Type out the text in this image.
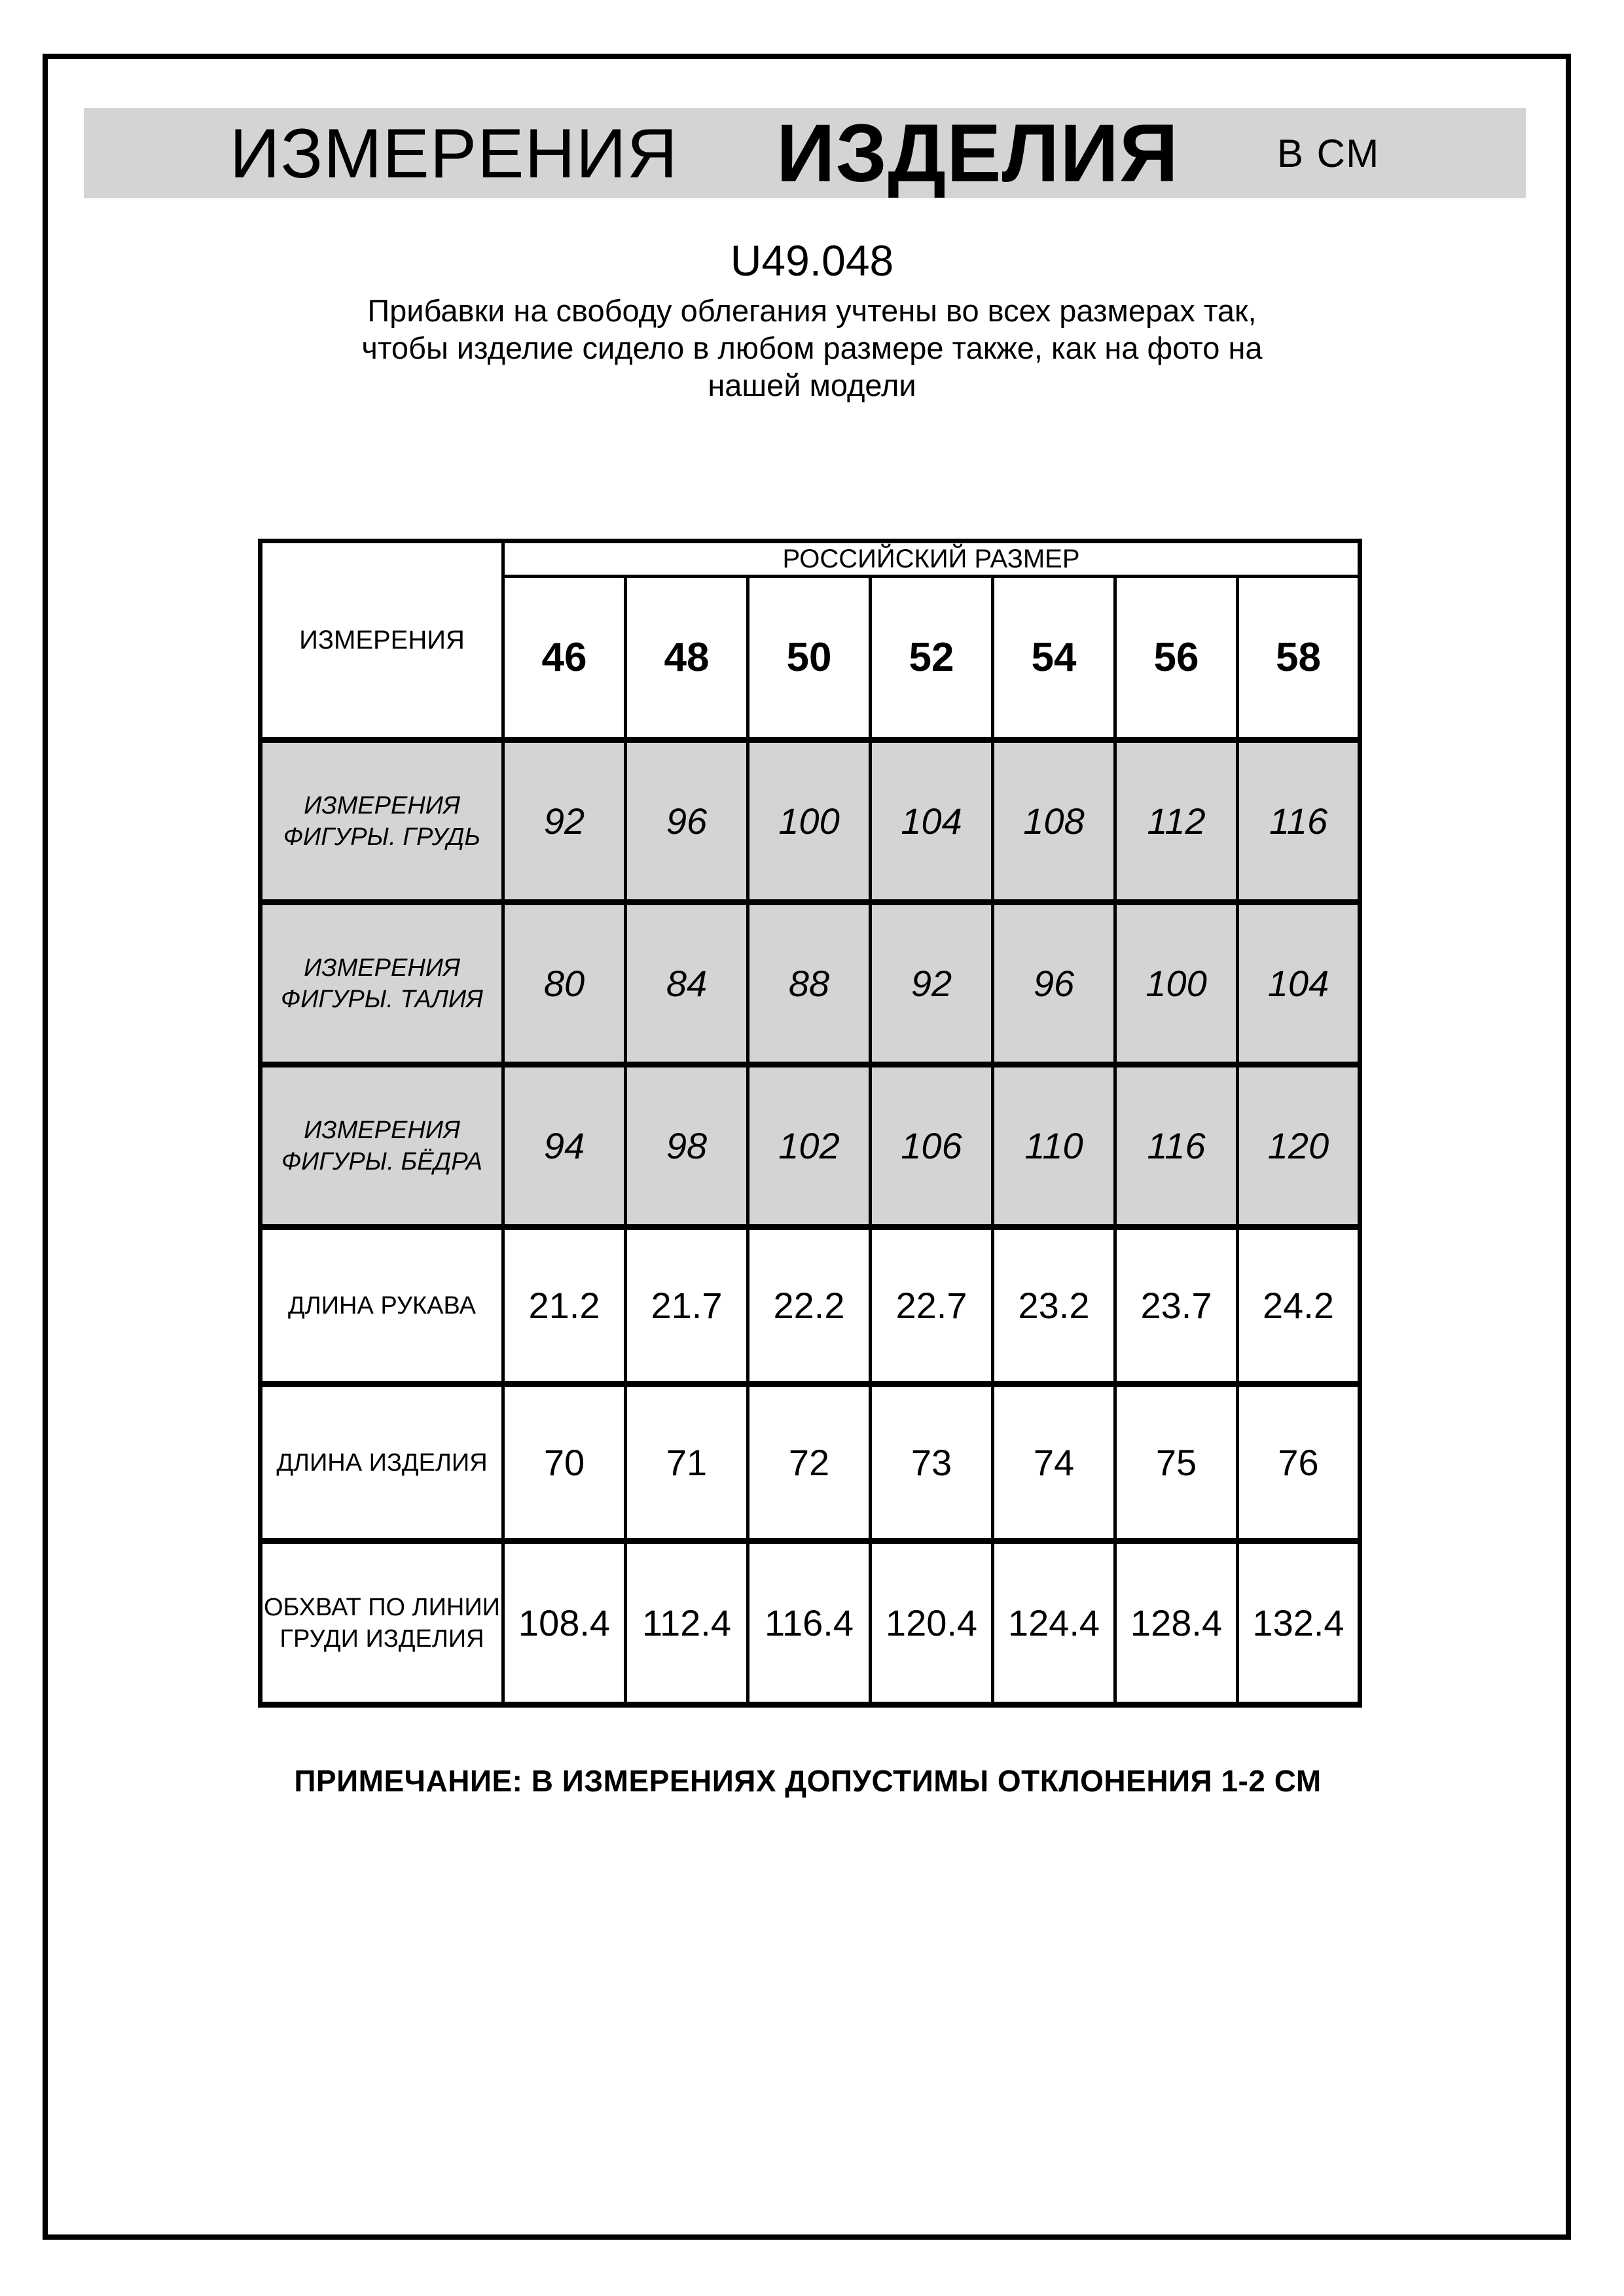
ИЗМЕРЕНИЯ ИЗДЕЛИЯ	В СМ
U49.048
Прибавки на свободу облегания учтены во всех размерах так,
чтобы изделие сидело в любом размере также, как на фото на
нашей модели
ИЗМЕРЕНИЯ	РОССИЙСКИЙ РАЗМЕР						
	46	48	50	52	54	56	58
ИЗМЕРЕНИЯ ФИГУРЫ. ГРУДЬ	92	96	100	104	108	112	116
ИЗМЕРЕНИЯ ФИГУРЫ. ТАЛИЯ	80	84	88	92	96	100	104
ИЗМЕРЕНИЯ ФИГУРЫ. БЁДРА	94	98	102	106	110	116	120
ДЛИНА РУКАВА	21.2	21.7	22.2	22.7	23.2	23.7	24.2
ДЛИНА ИЗДЕЛИЯ	70	71	72	73	74	75	76
ОБХВАТ ПО ЛИНИИ ГРУДИ ИЗДЕЛИЯ	108.4	112.4	116.4	120.4	124.4	128.4	132.4
ПРИМЕЧАНИЕ: В ИЗМЕРЕНИЯХ ДОПУСТИМЫ ОТКЛОНЕНИЯ 1-2 СМ
